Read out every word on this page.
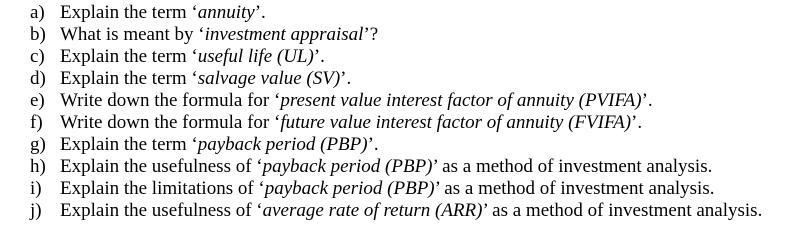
a) Explain the term ‘annuity’.
b) What is meant by ‘investment appraisal’?
c) Explain the term ‘useful life (UL)’.
d) Explain the term ‘salvage value (SV)’.
e) Write down the formula for ‘present value interest factor of annuity (PVIFA)’.
f) Write down the formula for ‘future value interest factor of annuity (FVIFA)’.
g) Explain the term ‘payback period (PBP)’.
h) Explain the usefulness of ‘payback period (PBP)’ as a method of investment analysis.
i) Explain the limitations of ‘payback period (PBP)’ as a method of investment analysis.
j) Explain the usefulness of ‘average rate of return (ARR)’ as a method of investment analysis.
